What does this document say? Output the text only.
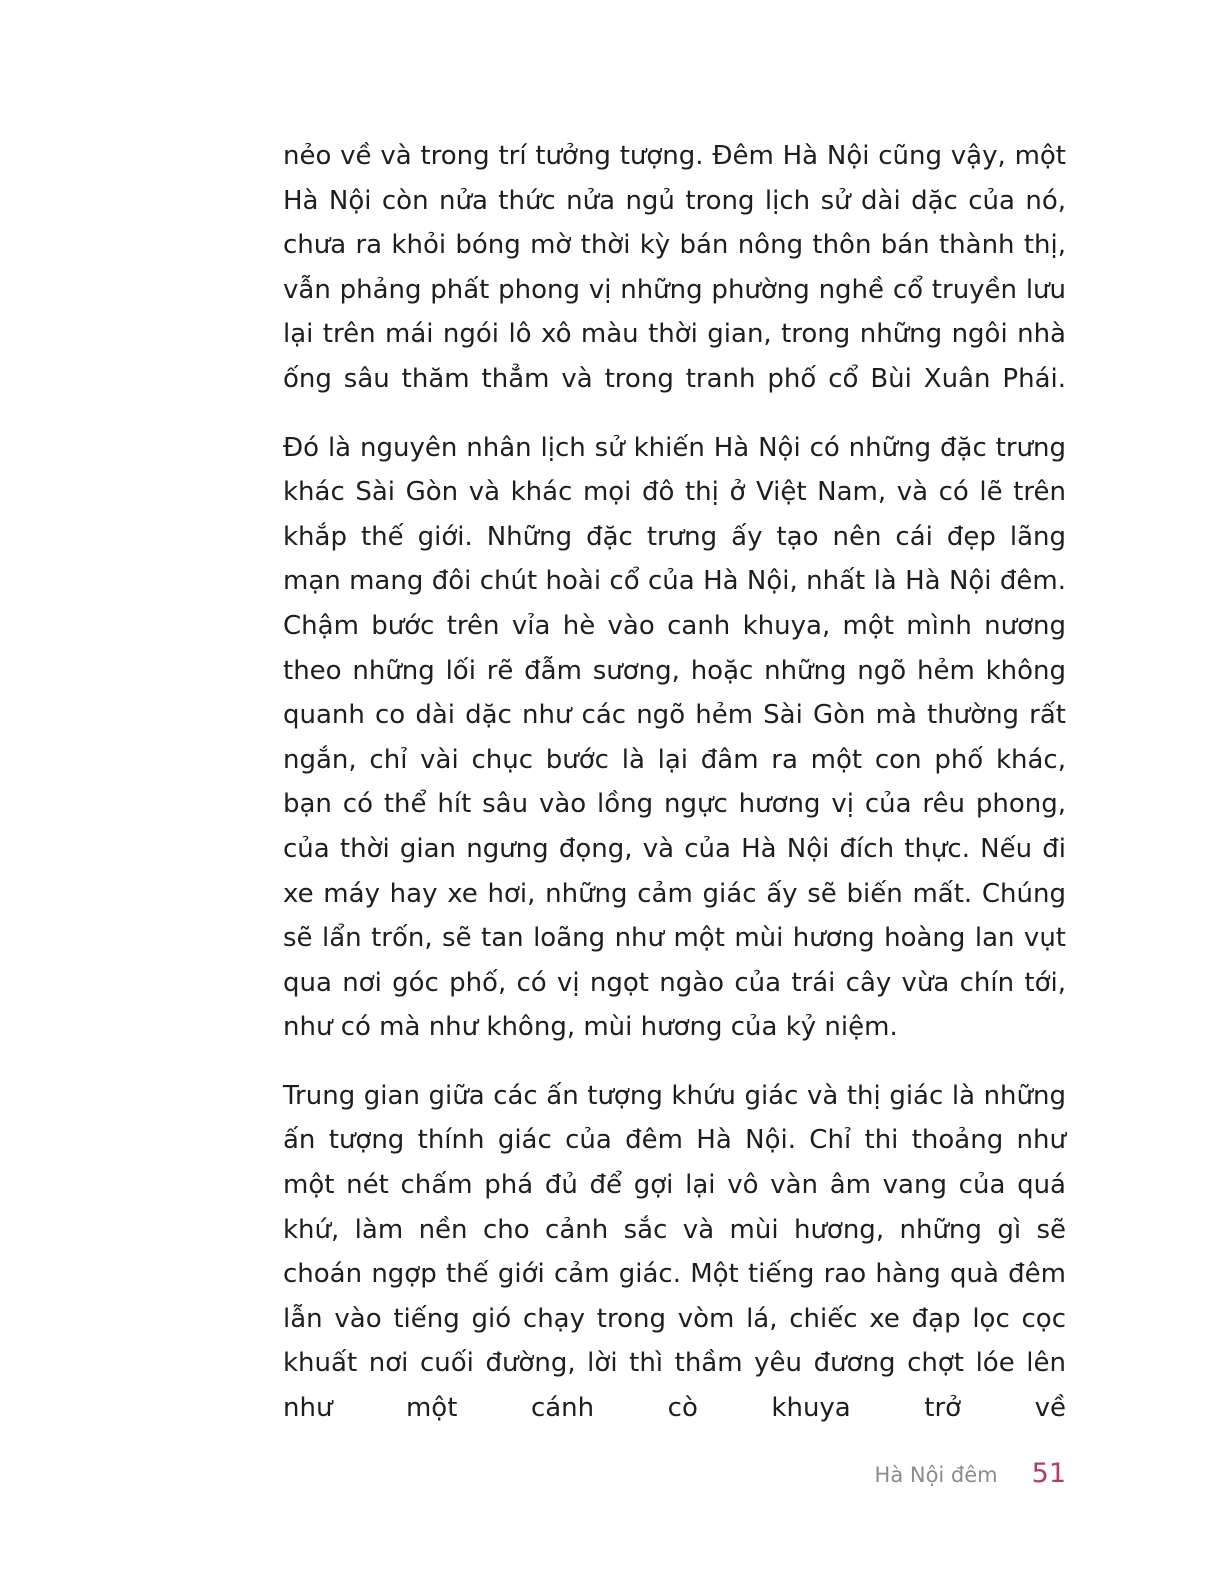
nẻo về và trong trí tưởng tượng. Đêm Hà Nội cũng vậy, một Hà Nội còn nửa thức nửa ngủ trong lịch sử dài dặc của nó, chưa ra khỏi bóng mờ thời kỳ bán nông thôn bán thành thị, vẫn phảng phất phong vị những phường nghề cổ truyền lưu lại trên mái ngói lô xô màu thời gian, trong những ngôi nhà ống sâu thăm thẳm và trong tranh phố cổ Bùi Xuân Phái.

Đó là nguyên nhân lịch sử khiến Hà Nội có những đặc trưng khác Sài Gòn và khác mọi đô thị ở Việt Nam, và có lẽ trên khắp thế giới. Những đặc trưng ấy tạo nên cái đẹp lãng mạn mang đôi chút hoài cổ của Hà Nội, nhất là Hà Nội đêm. Chậm bước trên vỉa hè vào canh khuya, một mình nương theo những lối rẽ đẫm sương, hoặc những ngõ hẻm không quanh co dài dặc như các ngõ hẻm Sài Gòn mà thường rất ngắn, chỉ vài chục bước là lại đâm ra một con phố khác, bạn có thể hít sâu vào lồng ngực hương vị của rêu phong, của thời gian ngưng đọng, và của Hà Nội đích thực. Nếu đi xe máy hay xe hơi, những cảm giác ấy sẽ biến mất. Chúng sẽ lẩn trốn, sẽ tan loãng như một mùi hương hoàng lan vụt qua nơi góc phố, có vị ngọt ngào của trái cây vừa chín tới, như có mà như không, mùi hương của kỷ niệm.

Trung gian giữa các ấn tượng khứu giác và thị giác là những ấn tượng thính giác của đêm Hà Nội. Chỉ thi thoảng như một nét chấm phá đủ để gợi lại vô vàn âm vang của quá khứ, làm nền cho cảnh sắc và mùi hương, những gì sẽ choán ngợp thế giới cảm giác. Một tiếng rao hàng quà đêm lẫn vào tiếng gió chạy trong vòm lá, chiếc xe đạp lọc cọc khuất nơi cuối đường, lời thì thầm yêu đương chợt lóe lên như một cánh cò khuya trở về

Hà Nội đêm 51
